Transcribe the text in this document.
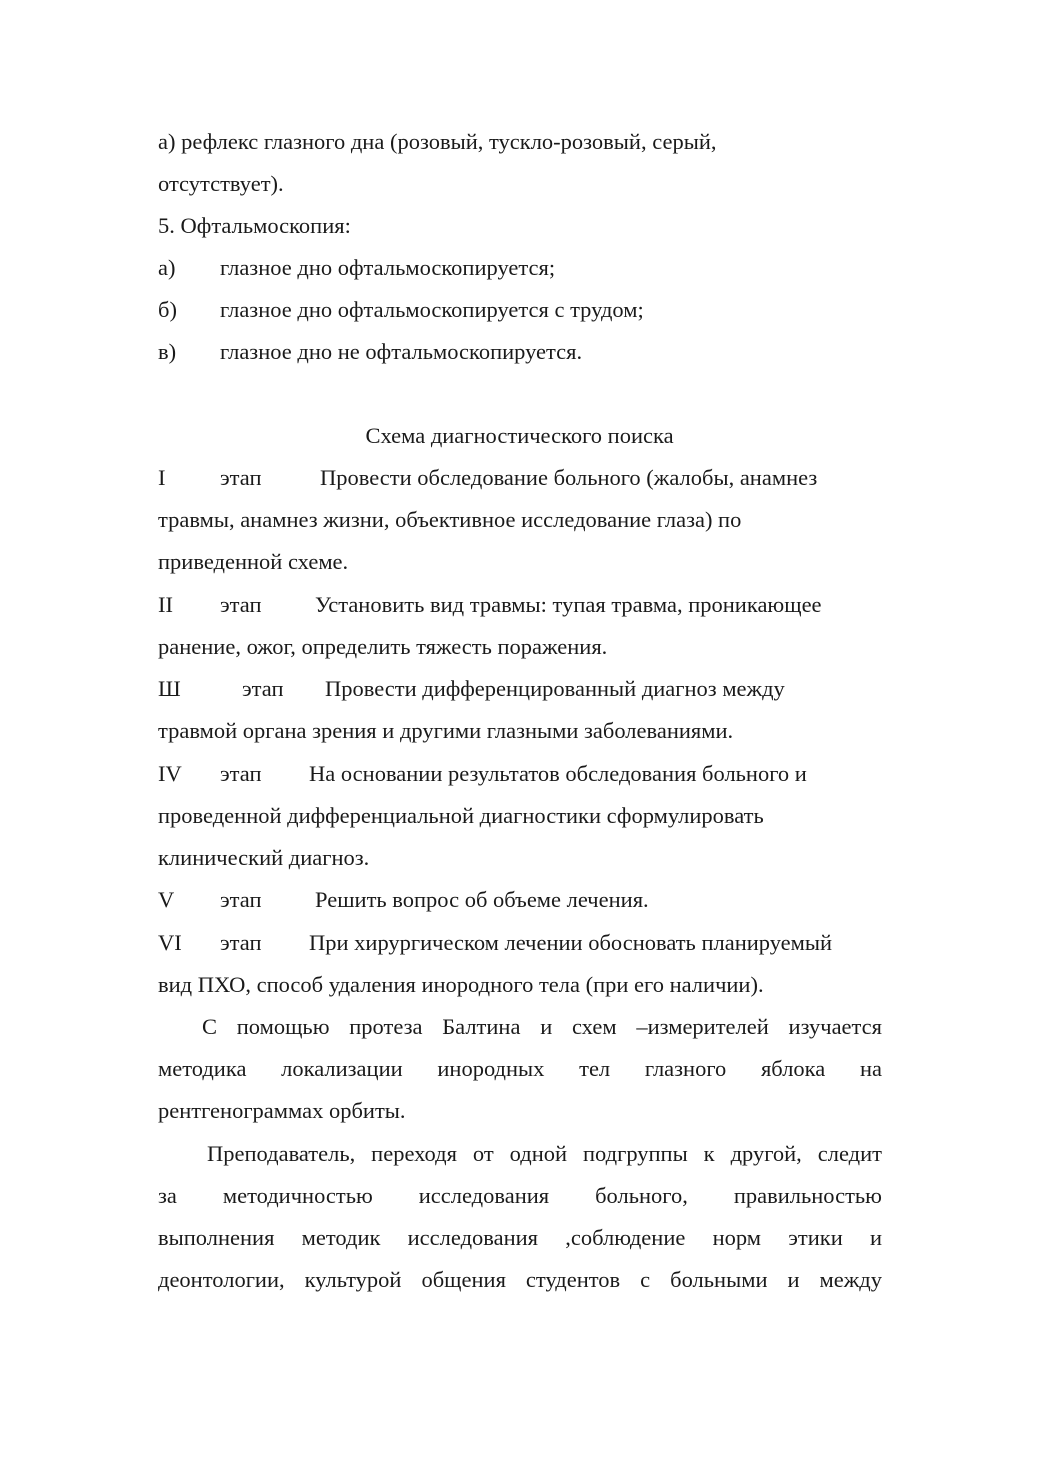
а) рефлекс глазного дна (розовый, тускло-розовый, серый,
отсутствует).
5. Офтальмоскопия:
а) глазное дно офтальмоскопируется;
б) глазное дно офтальмоскопируется с трудом;
в) глазное дно не офтальмоскопируется.
Схема диагностического поиска
I этап	Провести обследование больного (жалобы, анамнез
травмы, анамнез жизни, объективное исследование глаза) по
приведенной схеме.
II этап Установить вид травмы: тупая травма, проникающее
ранение, ожог, определить тяжесть поражения.
Ш	этап Провести дифференцированный диагноз между
травмой органа зрения и другими глазными заболеваниями.
IV этап На основании результатов обследования больного и
проведенной дифференциальной диагностики сформулировать
клинический диагноз.
V этап Решить вопрос об объеме лечения.
VI этап При хирургическом лечении обосновать планируемый
вид ПХО, способ удаления инородного тела (при его наличии).
С помощью протеза Балтина и схем –измерителей изучается
методика локализации инородных тел глазного яблока на
рентгенограммах орбиты.
Преподаватель, переходя от одной подгруппы к другой, следит
за методичностью исследования больного, правильностью
выполнения методик исследования ,соблюдение норм этики и
деонтологии, культурой общения студентов с больными и между
